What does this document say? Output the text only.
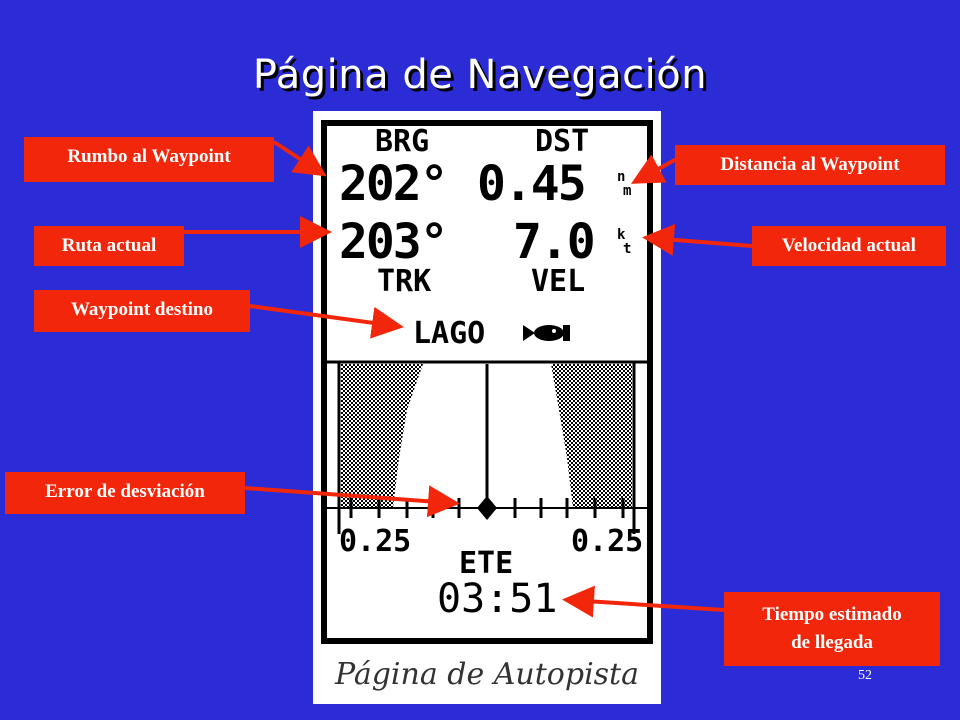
Página de Navegación
BRG	DST
202° 0.45 n
m
203° 7.0 k
t
TRK	VEL
LAGO
0.25	0.25
ETE
03:51
Página de Autopista
Rumbo al Waypoint	Distancia al Waypoint
Ruta actual	Velocidad actual
Waypoint destino
Error de desviación
Tiempo estimado
de llegada
52
